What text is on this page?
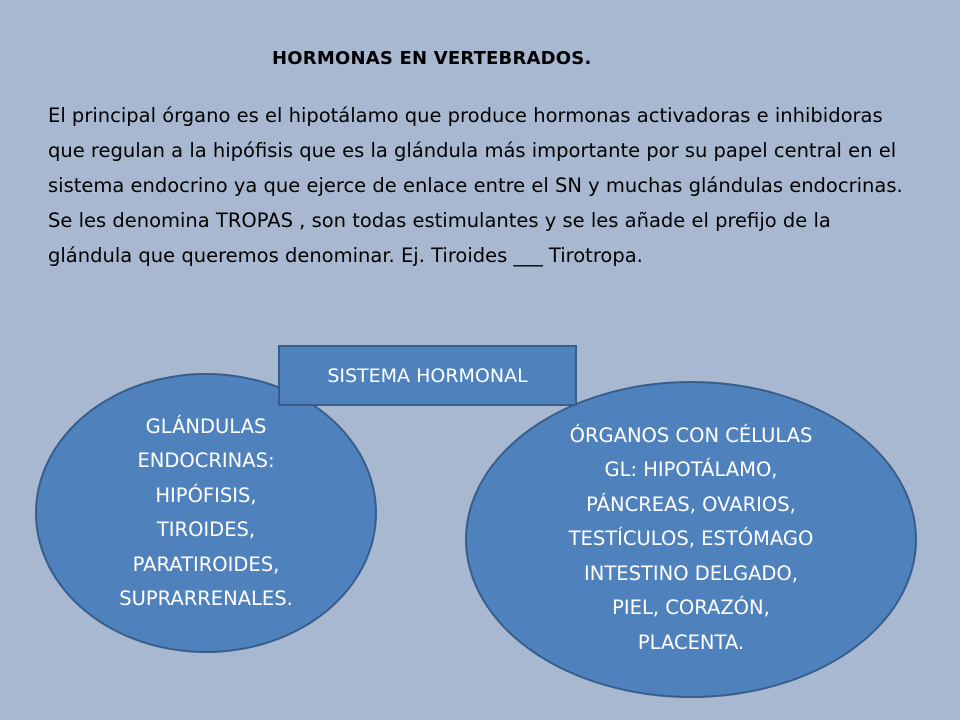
HORMONAS EN VERTEBRADOS.

El principal órgano es el hipotálamo que produce hormonas activadoras e inhibidoras que regulan a la hipófisis que es la glándula más importante por su papel central en el sistema endocrino ya que ejerce de enlace entre el SN y muchas glándulas endocrinas.

Se les denomina TROPAS , son todas estimulantes y se les añade el prefijo de la glándula que queremos denominar. Ej. Tiroides ___ Tirotropa.

SISTEMA HORMONAL
GLÁNDULAS
ENDOCRINAS:
HIPÓFISIS,
TIROIDES,
PARATIROIDES,
SUPRARRENALES.
ÓRGANOS CON CÉLULAS
GL: HIPOTÁLAMO,
PÁNCREAS, OVARIOS,
TESTÍCULOS, ESTÓMAGO
INTESTINO DELGADO,
PIEL, CORAZÓN,
PLACENTA.
